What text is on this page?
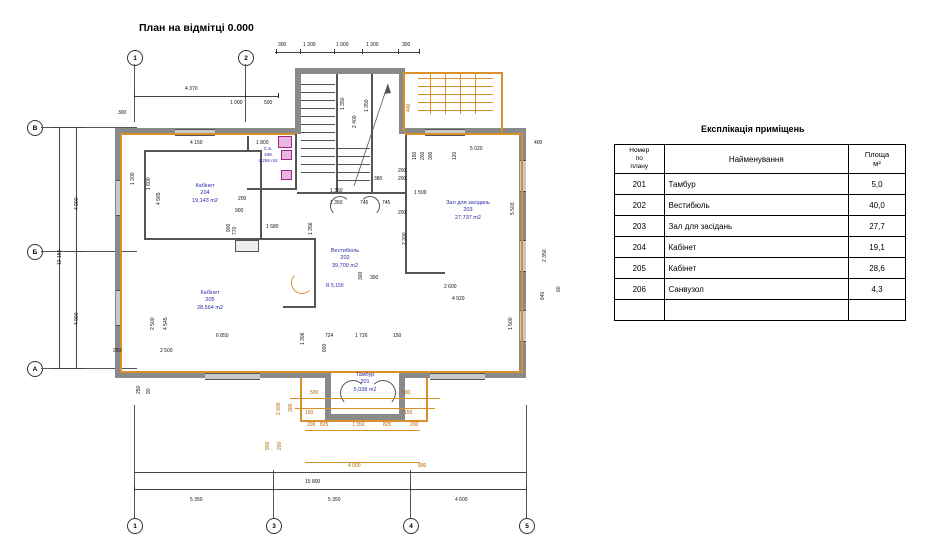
План на відмітці 0.000
1	2
В
Б
А
1	3	4	5
4 990
4 990
10 150
300	1 300	1 000	1 300	300
4 370
1 000	500
5 350	5 350	4 600
15 800
4 000	900
200 825	1 350	825	200
Кабінет
204
19,143 m2
Кабінет
205
28,564 m2
Вестибюль
202
39,709 m2
Зал для засідань
203
27,737 m2
Тамбур
201
5,038 m2
С.в.
206
4,256 m2
R 5,150
300
1 200
4 150	1 800
1 350
745
1 350	745
5 020
400
1 600
4 565
900
200
1 680	1 356
2 200
1 500
5 503
2 350
2 500 4 545	1 500
640
2 600
4 920
250	2 500
6 850	1 396	724	1 726	150
800
500	500
150	150
2 000 300
900 200
250 90
1 350
2 400
1 350	400
150 200 300	120
200
200
200
380
770
900
300
300
60
Експлікація приміщень
Номер
по
плану
	Найменування	
Площа
м²

201	Тамбур	5,0
202	Вестибюль	40,0
203	Зал для засідань	27,7
204	Кабінет	19,1
205	Кабінет	28,6
206	Санвузол	4,3
